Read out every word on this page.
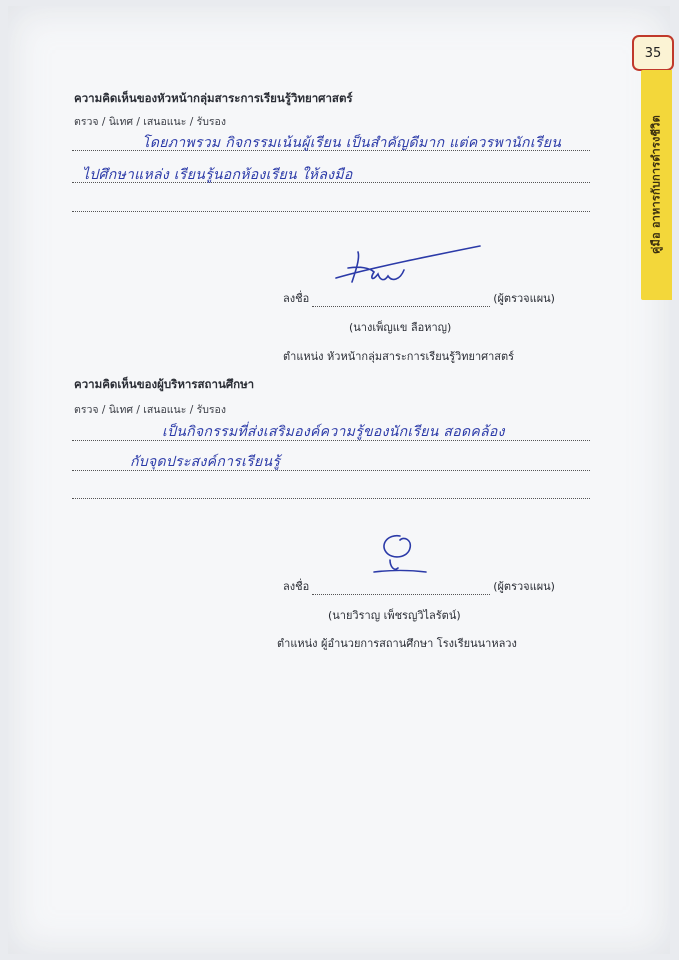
35
คู่มือ อาหารกับการดำรงชีวิต
ความคิดเห็นของหัวหน้ากลุ่มสาระการเรียนรู้วิทยาศาสตร์
ตรวจ / นิเทศ / เสนอแนะ / รับรอง
โดยภาพรวม กิจกรรมเน้นผู้เรียน เป็นสำคัญดีมาก แต่ควรพานักเรียน
ไปศึกษาแหล่ง เรียนรู้นอกห้องเรียน ให้ลงมือ
ลงชื่อ	(ผู้ตรวจแผน)
(นางเพ็ญแข ลือหาญ)
ตำแหน่ง หัวหน้ากลุ่มสาระการเรียนรู้วิทยาศาสตร์
ความคิดเห็นของผู้บริหารสถานศึกษา
ตรวจ / นิเทศ / เสนอแนะ / รับรอง
เป็นกิจกรรมที่ส่งเสริมองค์ความรู้ของนักเรียน สอดคล้อง
กับจุดประสงค์การเรียนรู้
ลงชื่อ	(ผู้ตรวจแผน)
(นายวิราญ เพ็ชรญวิไลรัตน์)
ตำแหน่ง ผู้อำนวยการสถานศึกษา โรงเรียนนาหลวง
